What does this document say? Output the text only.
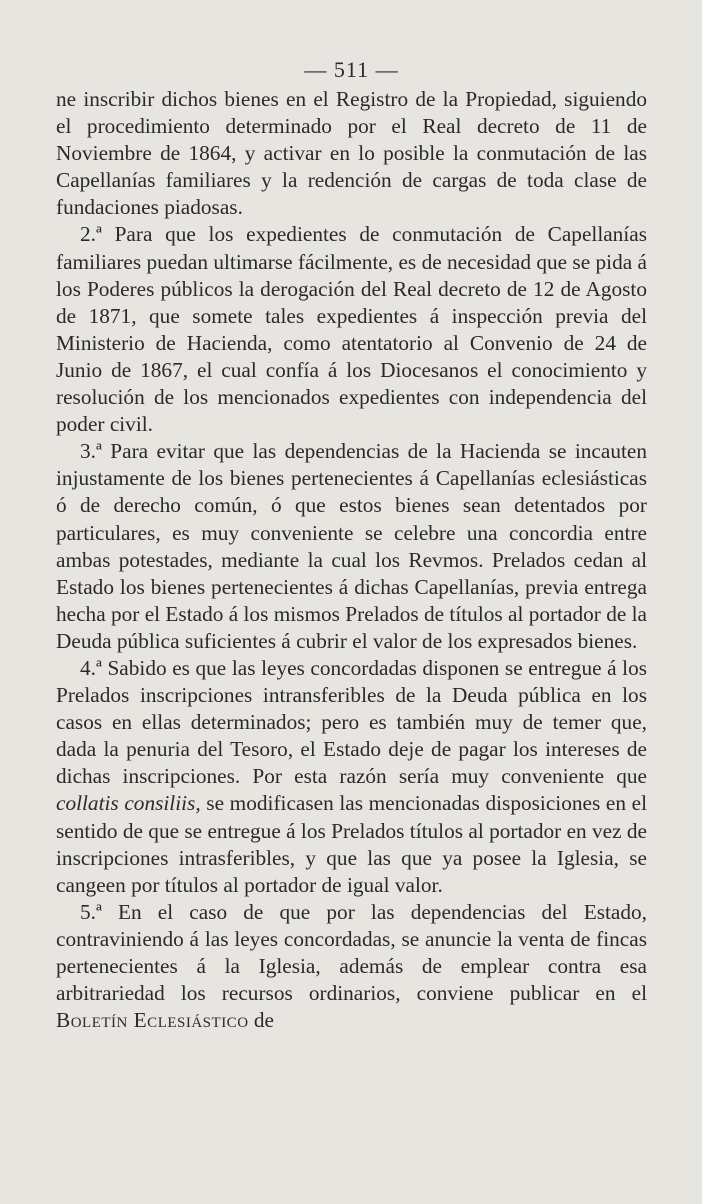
— 511 —

ne inscribir dichos bienes en el Registro de la Propiedad, siguiendo el procedimiento determinado por el Real decreto de 11 de Noviembre de 1864, y activar en lo posible la conmutación de las Capellanías familiares y la redención de cargas de toda clase de fundaciones piadosas.

2.ª Para que los expedientes de conmutación de Capellanías familiares puedan ultimarse fácilmente, es de necesidad que se pida á los Poderes públicos la derogación del Real decreto de 12 de Agosto de 1871, que somete tales expedientes á inspección previa del Ministerio de Hacienda, como atentatorio al Convenio de 24 de Junio de 1867, el cual confía á los Diocesanos el conocimiento y resolución de los mencionados expedientes con independencia del poder civil.

3.ª Para evitar que las dependencias de la Hacienda se incauten injustamente de los bienes pertenecientes á Capellanías eclesiásticas ó de derecho común, ó que estos bienes sean detentados por particulares, es muy conveniente se celebre una concordia entre ambas potestades, mediante la cual los Revmos. Prelados cedan al Estado los bienes pertenecientes á dichas Capellanías, previa entrega hecha por el Estado á los mismos Prelados de títulos al portador de la Deuda pública suficientes á cubrir el valor de los expresados bienes.

4.ª Sabido es que las leyes concordadas disponen se entregue á los Prelados inscripciones intransferibles de la Deuda pública en los casos en ellas determinados; pero es también muy de temer que, dada la penuria del Tesoro, el Estado deje de pagar los intereses de dichas inscripciones. Por esta razón sería muy conveniente que collatis consiliis, se modificasen las mencionadas disposiciones en el sentido de que se entregue á los Prelados títulos al portador en vez de inscripciones intrasferibles, y que las que ya posee la Iglesia, se cangeen por títulos al portador de igual valor.

5.ª En el caso de que por las dependencias del Estado, contraviniendo á las leyes concordadas, se anuncie la venta de fincas pertenecientes á la Iglesia, además de emplear contra esa arbitrariedad los recursos ordinarios, conviene publicar en el Boletín Eclesiástico de
